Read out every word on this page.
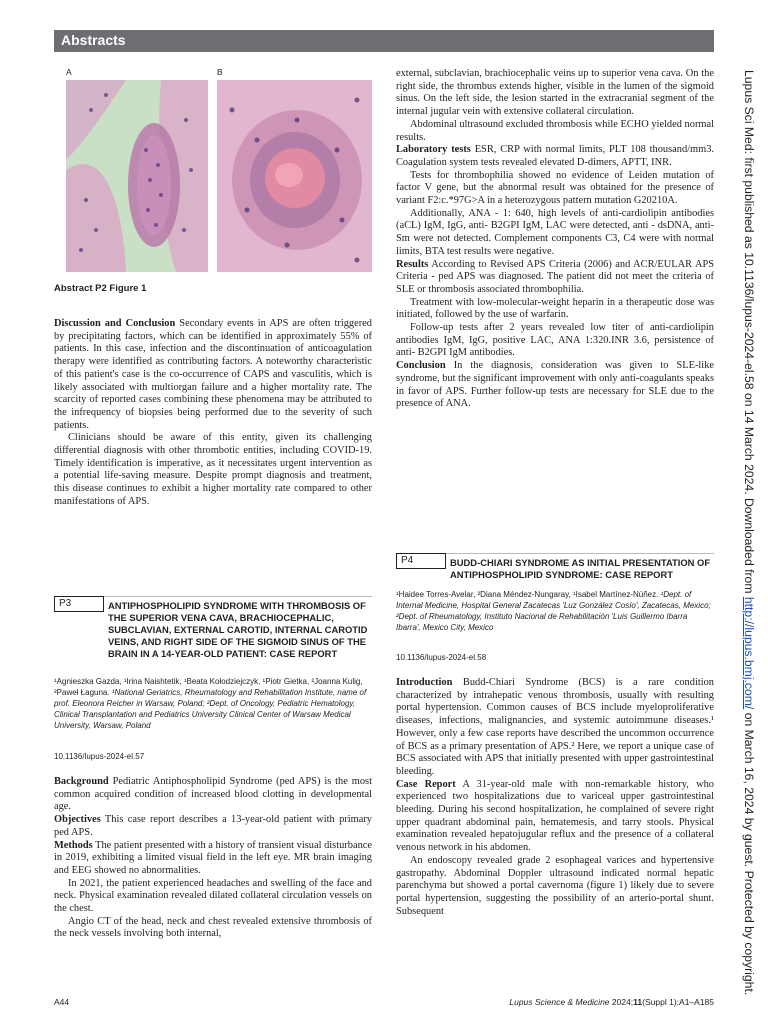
Abstracts
A	B
Abstract P2 Figure 1

Discussion and Conclusion Secondary events in APS are often triggered by precipitating factors, which can be identified in approximately 55% of patients. In this case, infection and the discontinuation of anticoagulation therapy were identified as contributing factors. A noteworthy characteristic of this patient's case is the co-occurrence of CAPS and vasculitis, which is likely associated with multiorgan failure and a higher mortality rate. The scarcity of reported cases combining these phenomena may be attributed to the infrequency of biopsies being performed due to the severity of such patients.

Clinicians should be aware of this entity, given its challenging differential diagnosis with other thrombotic entities, including COVID-19. Timely identification is imperative, as it necessitates urgent intervention as a potential life-saving measure. Despite prompt diagnosis and treatment, this disease continues to exhibit a higher mortality rate compared to other manifestations of APS.

P3	ANTIPHOSPHOLIPID SYNDROME WITH THROMBOSIS OF THE SUPERIOR VENA CAVA, BRACHIOCEPHALIC, SUBCLAVIAN, EXTERNAL CAROTID, INTERNAL CAROTID VEINS, AND RIGHT SIDE OF THE SIGMOID SINUS OF THE BRAIN IN A 14-YEAR-OLD PATIENT: CASE REPORT
¹Agnieszka Gazda, ¹Irina Naishtetik, ¹Beata Kołodziejczyk, ¹Piotr Gietka, ²Joanna Kulig, ²Paweł Łaguna. ¹National Geriatrics, Rheumatology and Rehabilitation Institute, name of prof. Eleonora Reicher in Warsaw, Poland; ²Dept. of Oncology, Pediatric Hematology, Clinical Transplantation and Pediatrics University Clinical Center of Warsaw Medical University, Warsaw, Poland
10.1136/lupus-2024-el.57

Background Pediatric Antiphospholipid Syndrome (ped APS) is the most common acquired condition of increased blood clotting in developmental age.

Objectives This case report describes a 13-year-old patient with primary ped APS.

Methods The patient presented with a history of transient visual disturbance in 2019, exhibiting a limited visual field in the left eye. MR brain imaging and EEG showed no abnormalities.

In 2021, the patient experienced headaches and swelling of the face and neck. Physical examination revealed dilated collateral circulation vessels on the chest.

Angio CT of the head, neck and chest revealed extensive thrombosis of the neck vessels involving both internal,

external, subclavian, brachiocephalic veins up to superior vena cava. On the right side, the thrombus extends higher, visible in the lumen of the sigmoid sinus. On the left side, the lesion started in the extracranial segment of the internal jugular vein with extensive collateral circulation.

Abdominal ultrasound excluded thrombosis while ECHO yielded normal results.

Laboratory tests ESR, CRP with normal limits, PLT 108 thousand/mm3. Coagulation system tests revealed elevated D-dimers, APTT, INR.

Tests for thrombophilia showed no evidence of Leiden mutation of factor V gene, but the abnormal result was obtained for the presence of variant F2:c.*97G>A in a heterozygous pattern mutation G20210A.

Additionally, ANA - 1: 640, high levels of anti-cardiolipin antibodies (aCL) IgM, IgG, anti- B2GPI IgM, LAC were detected, anti - dsDNA, anti-Sm were not detected. Complement components C3, C4 were with normal limits, BTA test results were negative.

Results According to Revised APS Criteria (2006) and ACR/EULAR APS Criteria - ped APS was diagnosed. The patient did not meet the criteria of SLE or thrombosis associated thrombophilia.

Treatment with low-molecular-weight heparin in a therapeutic dose was initiated, followed by the use of warfarin.

Follow-up tests after 2 years revealed low titer of anti-cardiolipin antibodies IgM, IgG, positive LAC, ANA 1:320.INR 3.6, persistence of anti- B2GPI IgM antibodies.

Conclusion In the diagnosis, consideration was given to SLE-like syndrome, but the significant improvement with only anti-coagulants speaks in favor of APS. Further follow-up tests are necessary for SLE due to the presence of ANA.

P4	BUDD-CHIARI SYNDROME AS INITIAL PRESENTATION OF ANTIPHOSPHOLIPID SYNDROME: CASE REPORT
¹Haidee Torres-Avelar, ²Diana Méndez-Nungaray, ¹Isabel Martínez-Núñez. ¹Dept. of Internal Medicine, Hospital General Zacatecas 'Luz González Cosío', Zacatecas, Mexico; ²Dept. of Rheumatology, Instituto Nacional de Rehabilitación 'Luis Guillermo Ibarra Ibarra', Mexico City, Mexico
10.1136/lupus-2024-el.58

Introduction Budd-Chiari Syndrome (BCS) is a rare condition characterized by intrahepatic venous thrombosis, usually with resulting portal hypertension. Common causes of BCS include myeloproliferative diseases, infections, malignancies, and systemic autoimmune diseases.¹ However, only a few case reports have described the uncommon occurrence of BCS as a primary presentation of APS.² Here, we report a unique case of BCS associated with APS that initially presented with upper gastrointestinal bleeding.

Case Report A 31-year-old male with non-remarkable history, who experienced two hospitalizations due to variceal upper gastrointestinal bleeding. During his second hospitalization, he complained of severe right upper quadrant abdominal pain, hematemesis, and tarry stools. Physical examination revealed hepatojugular reflux and the presence of a collateral venous network in his abdomen.

An endoscopy revealed grade 2 esophageal varices and hypertensive gastropathy. Abdominal Doppler ultrasound indicated normal hepatic parenchyma but showed a portal cavernoma (figure 1) likely due to severe portal hypertension, suggesting the possibility of an arterio-portal shunt. Subsequent

A44	Lupus Science & Medicine 2024;11(Suppl 1):A1–A185
Lupus Sci Med: first published as 10.1136/lupus-2024-el.58 on 14 March 2024. Downloaded from http://lupus.bmj.com/ on March 16, 2024 by guest. Protected by copyright.
